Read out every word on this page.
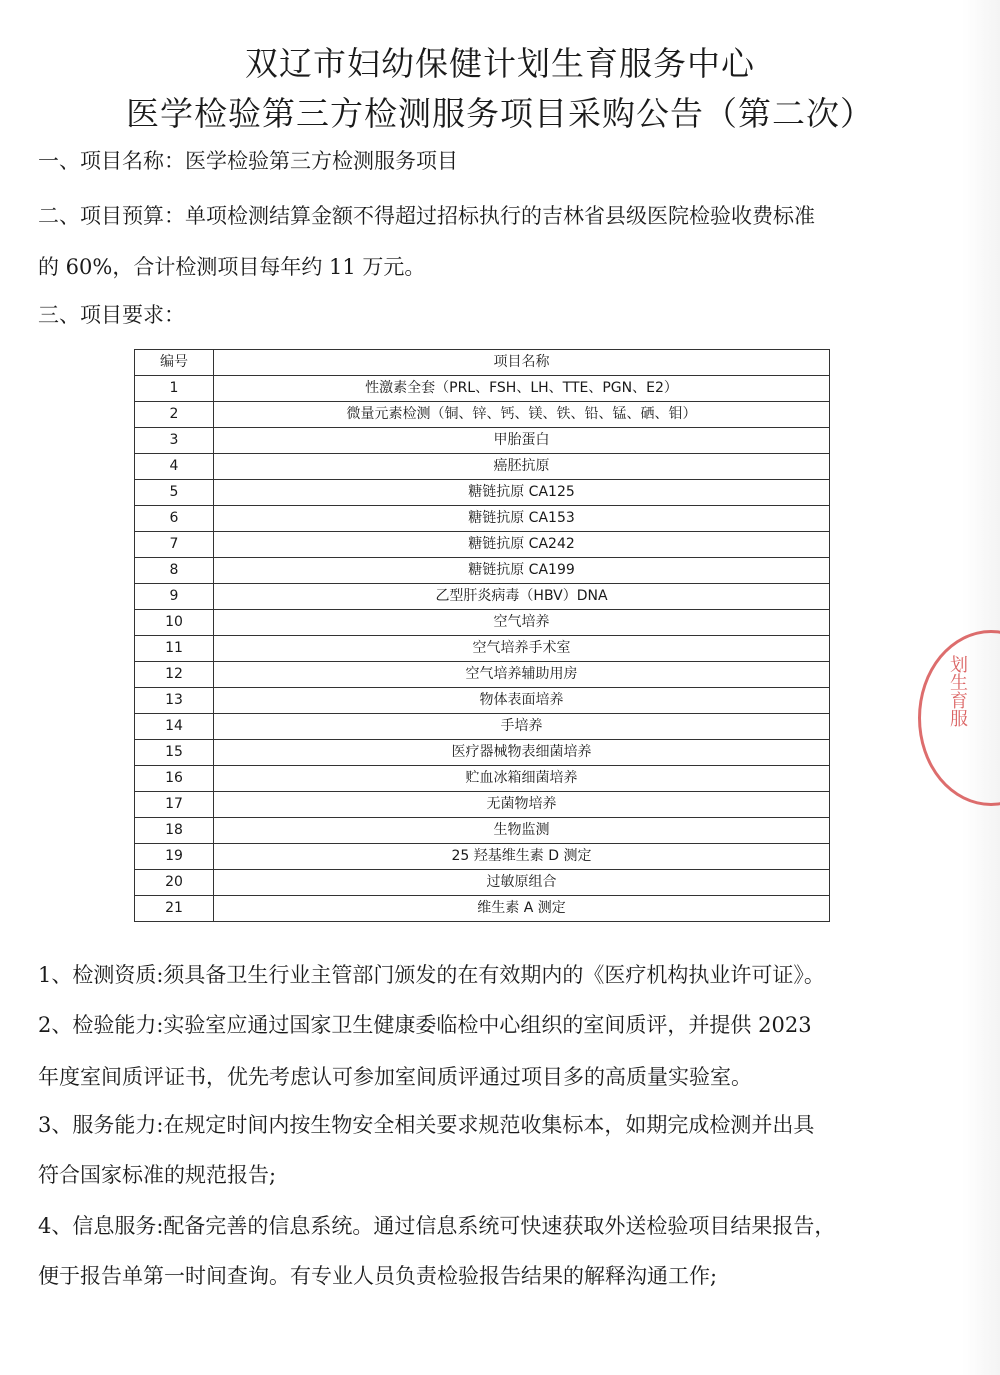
双辽市妇幼保健计划生育服务中心
医学检验第三方检测服务项目采购公告（第二次）
一、项目名称：医学检验第三方检测服务项目
二、项目预算：单项检测结算金额不得超过招标执行的吉林省县级医院检验收费标准
的 60%，合计检测项目每年约 11 万元。
三、项目要求：
编号	项目名称
1	性激素全套（PRL、FSH、LH、TTE、PGN、E2）
2	微量元素检测（铜、锌、钙、镁、铁、铅、锰、硒、钼）
3	甲胎蛋白
4	癌胚抗原
5	糖链抗原 CA125
6	糖链抗原 CA153
7	糖链抗原 CA242
8	糖链抗原 CA199
9	乙型肝炎病毒（HBV）DNA
10	空气培养
11	空气培养手术室
12	空气培养辅助用房
13	物体表面培养
14	手培养
15	医疗器械物表细菌培养
16	贮血冰箱细菌培养
17	无菌物培养
18	生物监测
19	25 羟基维生素 D 测定
20	过敏原组合
21	维生素 A 测定
1、检测资质:须具备卫生行业主管部门颁发的在有效期内的《医疗机构执业许可证》。
2、检验能力:实验室应通过国家卫生健康委临检中心组织的室间质评，并提供 2023
年度室间质评证书，优先考虑认可参加室间质评通过项目多的高质量实验室。
3、服务能力:在规定时间内按生物安全相关要求规范收集标本，如期完成检测并出具
符合国家标准的规范报告;
4、信息服务:配备完善的信息系统。通过信息系统可快速获取外送检验项目结果报告，
便于报告单第一时间查询。有专业人员负责检验报告结果的解释沟通工作;
划生育服
